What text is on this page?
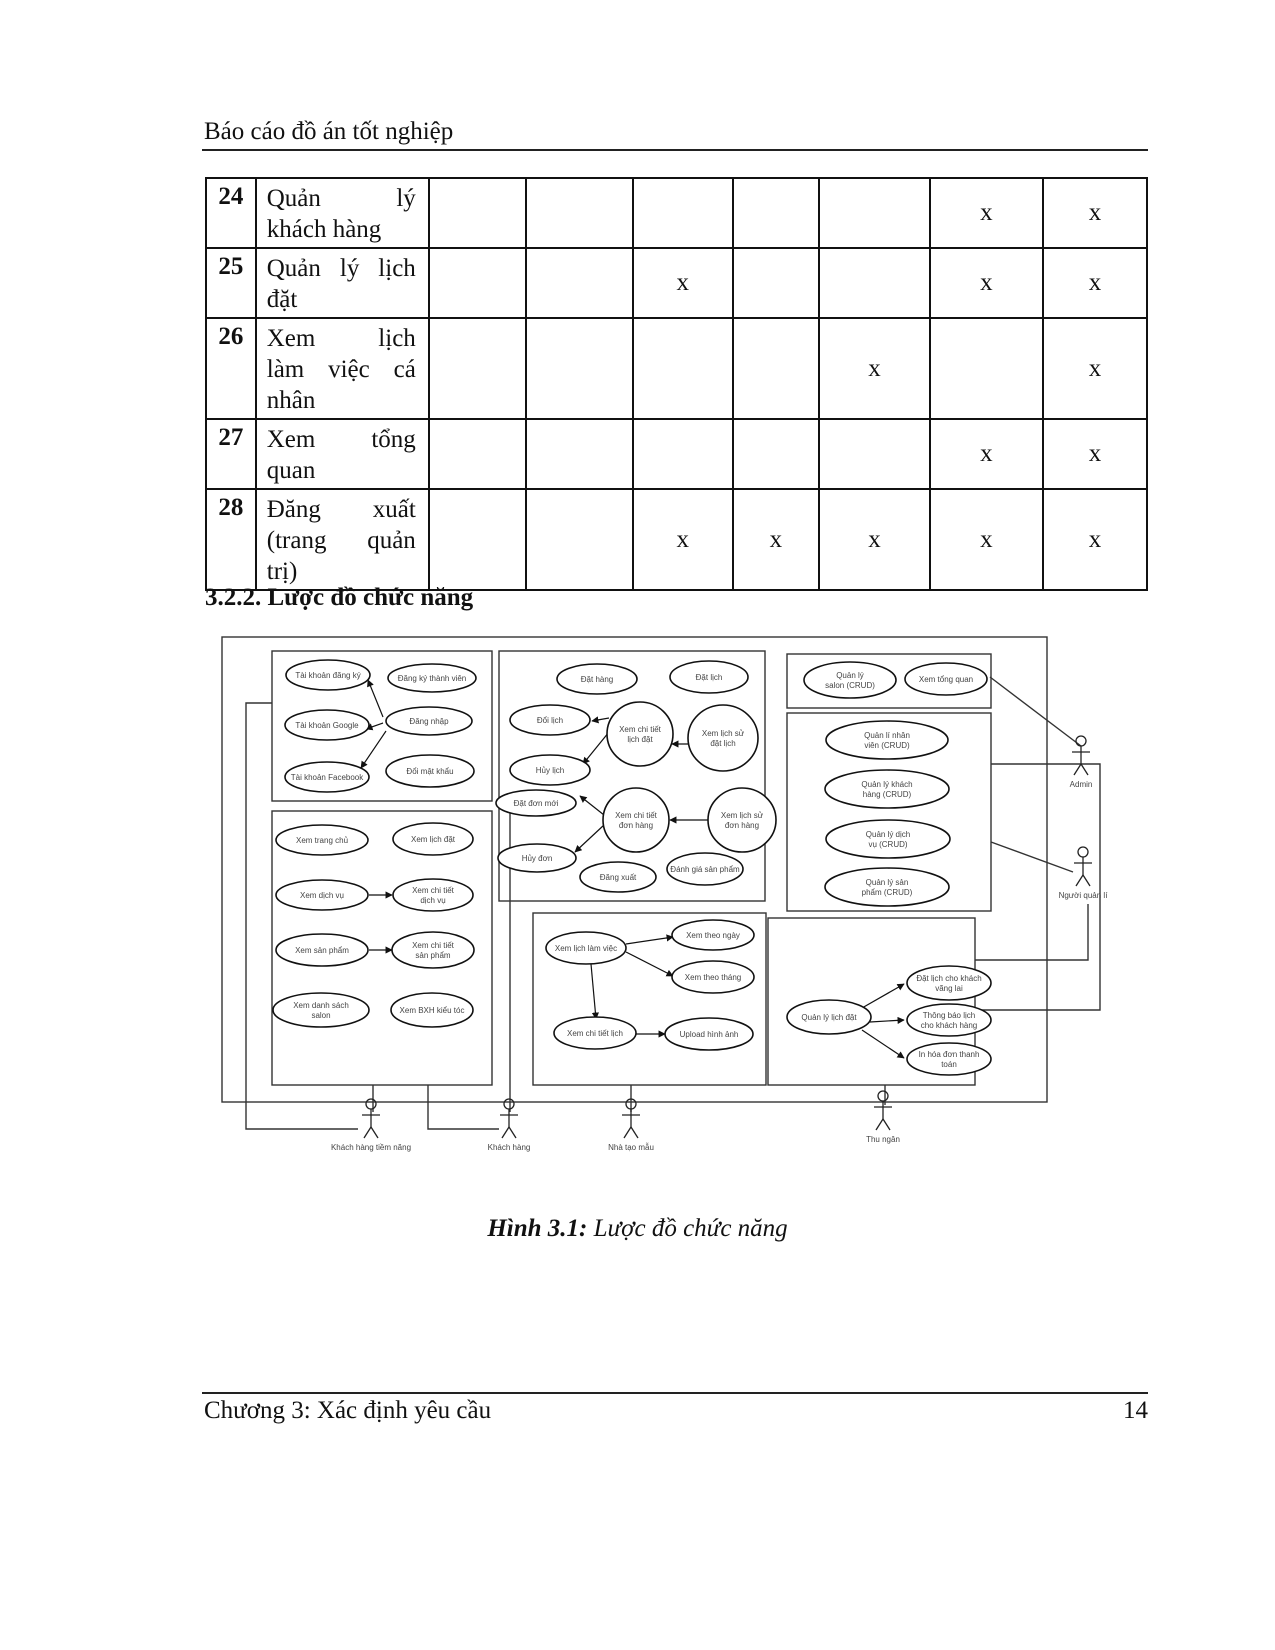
Báo cáo đồ án tốt nghiệp
24	Quản lý
khách hàng						x	x
25	Quản lý lịch
đặt			x			x	x
26	Xem lịch
làm việc cá
nhân					x		x
27	Xem tổng
quan						x	x
28	Đăng xuất
(trang quản
trị)			x	x	x	x	x
3.2.2. Lược đồ chức năng
Tài khoản đăng ký	Đăng ký thành viên
Tài khoản Google	Đăng nhập
Tài khoản Facebook
Đổi mật khẩu
Đặt hàng	Đặt lịch
Đổi lịch
Xem chi tiết lịch đặt
Xem lịch sử đặt lịch
Hủy lịch
Đặt đơn mới
Xem chi tiết đơn hàng
Xem lịch sử đơn hàng
Hủy đơn
Đăng xuất
Đánh giá sản phẩm
Quản lý salon (CRUD)
Xem tổng quan
Quản lí nhân viên (CRUD)
Quản lý khách hàng (CRUD)
Quản lý dịch vụ (CRUD)
Quản lý sản phẩm (CRUD)
Xem trang chủ	Xem lịch đặt
Xem dịch vụ
Xem chi tiết dịch vụ
Xem sản phẩm
Xem chi tiết sản phẩm
Xem danh sách salon
Xem BXH kiểu tóc
Xem lịch làm việc
Xem theo ngày
Xem theo tháng
Xem chi tiết lịch	Upload hình ảnh
Quản lý lịch đặt
Đặt lịch cho khách vãng lai
Thông báo lịch cho khách hàng
In hóa đơn thanh toán
Admin
Người quản lí
Khách hàng tiềm năng	Khách hàng	Nhà tạo mẫu
Thu ngân
Hình 3.1: Lược đồ chức năng
Chương 3: Xác định yêu cầu	14
